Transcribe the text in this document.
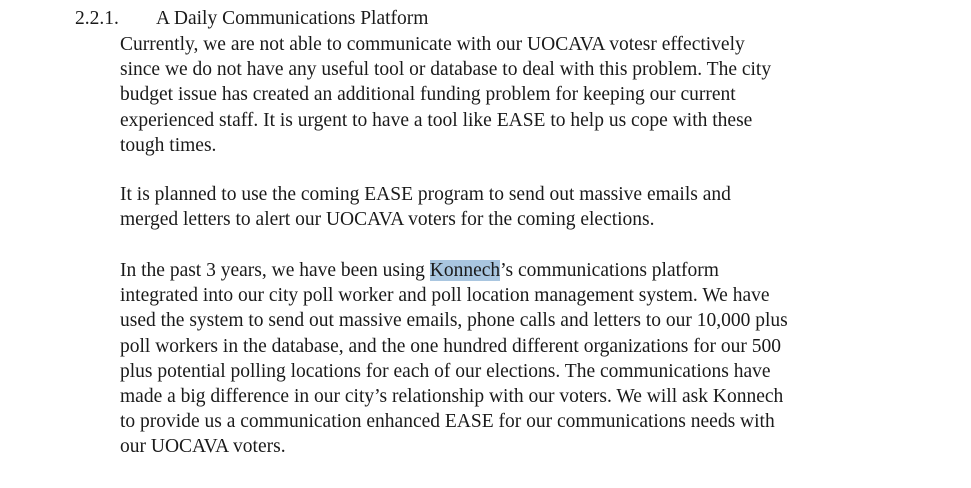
2.2.1. A Daily Communications Platform
Currently, we are not able to communicate with our UOCAVA votesr effectively
since we do not have any useful tool or database to deal with this problem. The city
budget issue has created an additional funding problem for keeping our current
experienced staff. It is urgent to have a tool like EASE to help us cope with these
tough times.
It is planned to use the coming EASE program to send out massive emails and
merged letters to alert our UOCAVA voters for the coming elections.
In the past 3 years, we have been using Konnech’s communications platform
integrated into our city poll worker and poll location management system. We have
used the system to send out massive emails, phone calls and letters to our 10,000 plus
poll workers in the database, and the one hundred different organizations for our 500
plus potential polling locations for each of our elections. The communications have
made a big difference in our city’s relationship with our voters. We will ask Konnech
to provide us a communication enhanced EASE for our communications needs with
our UOCAVA voters.
